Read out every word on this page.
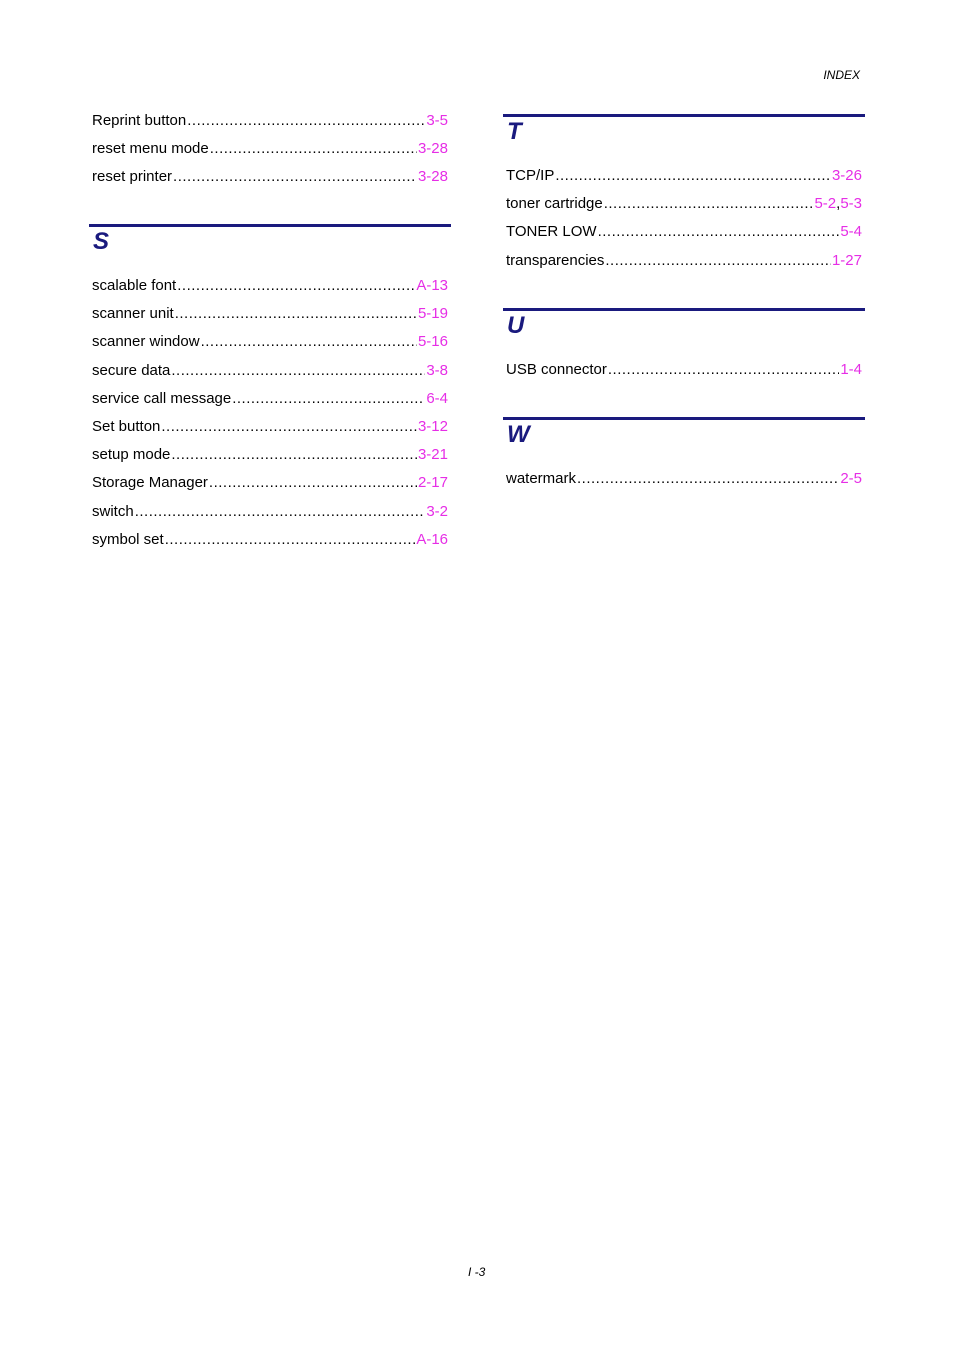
INDEX
Reprint button .....	3-5
reset menu mode .....	3-28
reset printer .....	3-28
S
scalable font .....	A-13
scanner unit .....	5-19
scanner window .....	5-16
secure data .....	3-8
service call message .....	6-4
Set button .....	3-12
setup mode .....	3-21
Storage Manager .....	2-17
switch .....	3-2
symbol set .....	A-16
T
TCP/IP .....	3-26
toner cartridge .....	5-2 , 5-3
TONER LOW .....	5-4
transparencies .....	1-27
U
USB connector .....	1-4
W
watermark .....	2-5
I -3
